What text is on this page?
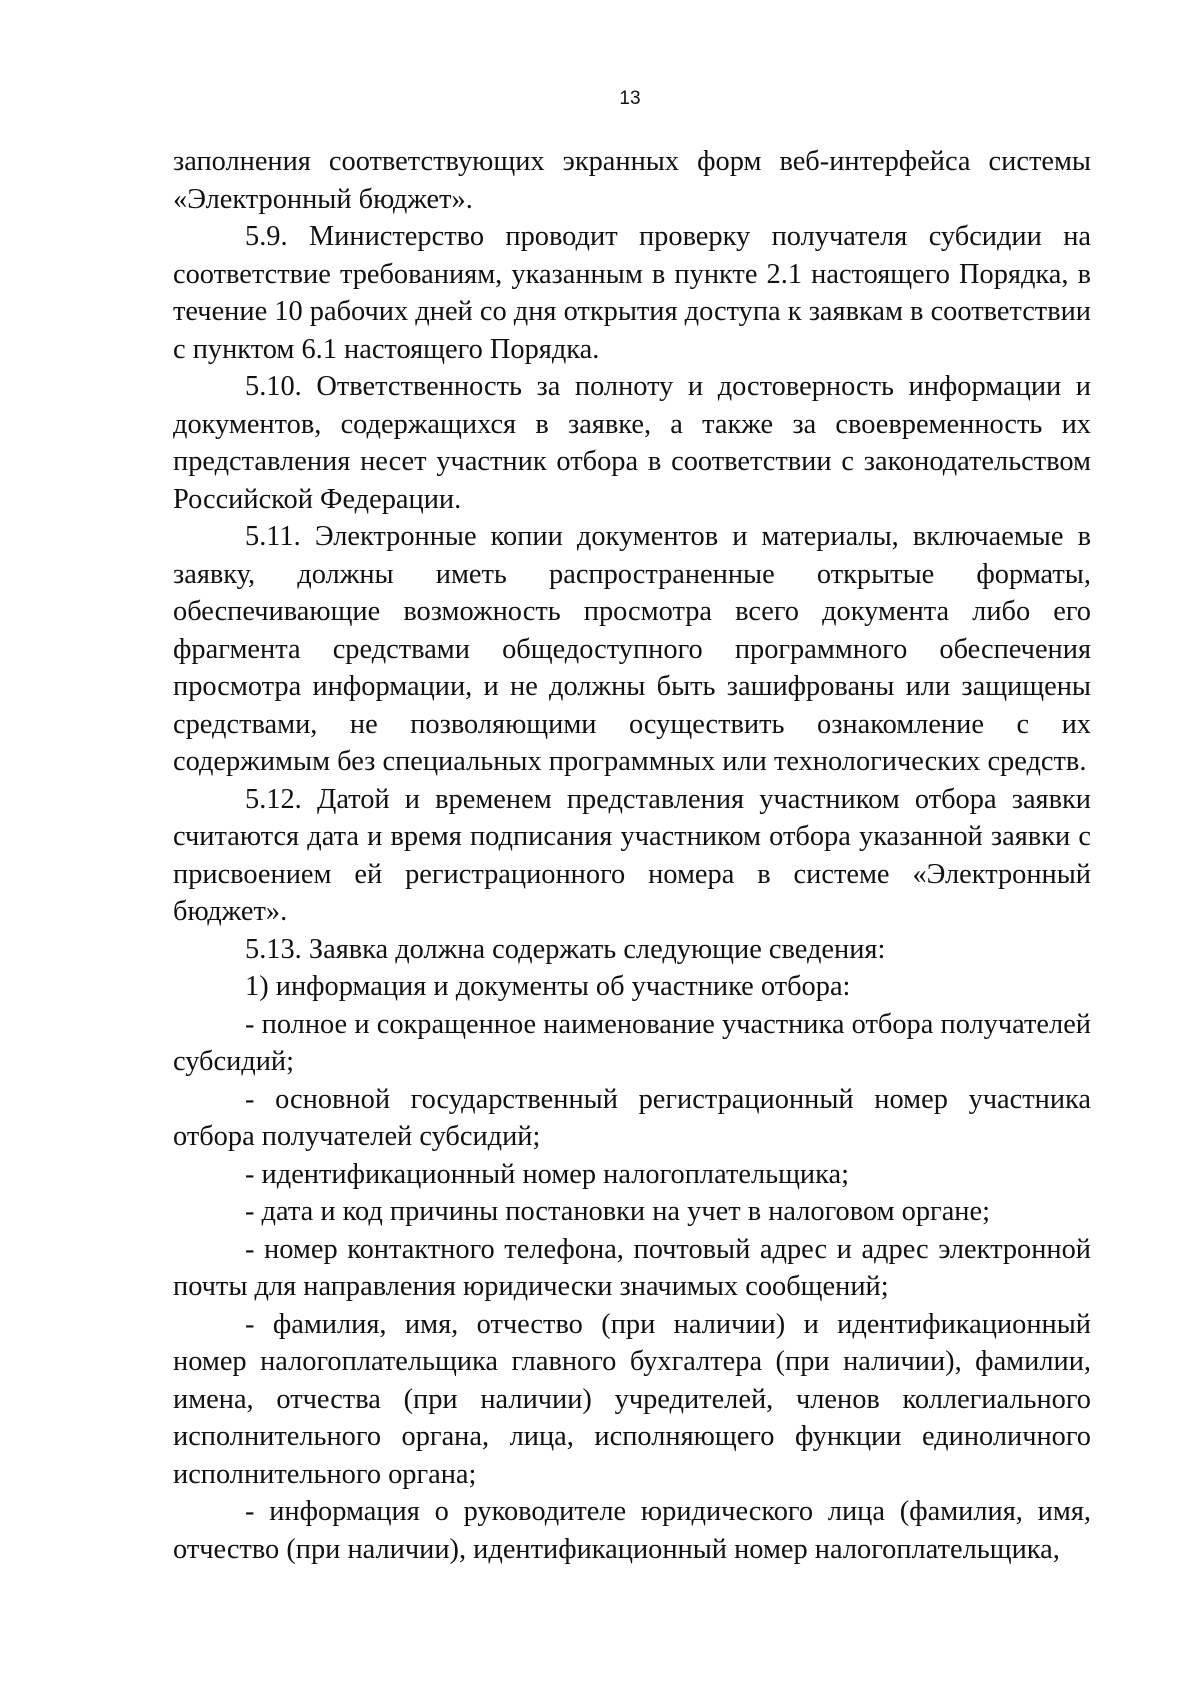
13

заполнения соответствующих экранных форм веб-интерфейса системы «Электронный бюджет».

5.9. Министерство проводит проверку получателя субсидии на соответствие требованиям, указанным в пункте 2.1 настоящего Порядка, в течение 10 рабочих дней со дня открытия доступа к заявкам в соответствии с пунктом 6.1 настоящего Порядка.

5.10. Ответственность за полноту и достоверность информации и документов, содержащихся в заявке, а также за своевременность их представления несет участник отбора в соответствии с законодательством Российской Федерации.

5.11. Электронные копии документов и материалы, включаемые в заявку, должны иметь распространенные открытые форматы, обеспечивающие возможность просмотра всего документа либо его фрагмента средствами общедоступного программного обеспечения просмотра информации, и не должны быть зашифрованы или защищены средствами, не позволяющими осуществить ознакомление с их содержимым без специальных программных или технологических средств.

5.12. Датой и временем представления участником отбора заявки считаются дата и время подписания участником отбора указанной заявки с присвоением ей регистрационного номера в системе «Электронный бюджет».

5.13. Заявка должна содержать следующие сведения:

1) информация и документы об участнике отбора:

- полное и сокращенное наименование участника отбора получателей субсидий;

- основной государственный регистрационный номер участника отбора получателей субсидий;

- идентификационный номер налогоплательщика;

- дата и код причины постановки на учет в налоговом органе;

- номер контактного телефона, почтовый адрес и адрес электронной почты для направления юридически значимых сообщений;

- фамилия, имя, отчество (при наличии) и идентификационный номер налогоплательщика главного бухгалтера (при наличии), фамилии, имена, отчества (при наличии) учредителей, членов коллегиального исполнительного органа, лица, исполняющего функции единоличного исполнительного органа;

- информация о руководителе юридического лица (фамилия, имя, отчество (при наличии), идентификационный номер налогоплательщика,
